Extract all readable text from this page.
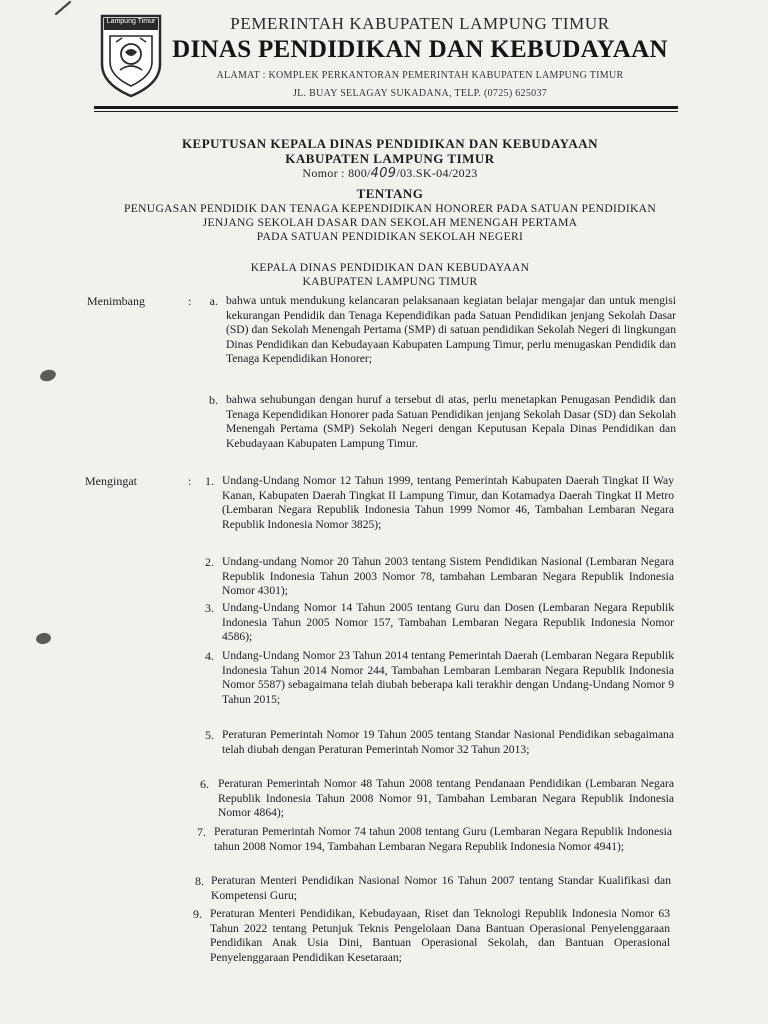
Lampung Timur	PEMERINTAH KABUPATEN LAMPUNG TIMUR
DINAS PENDIDIKAN DAN KEBUDAYAAN
ALAMAT : KOMPLEK PERKANTORAN PEMERINTAH KABUPATEN LAMPUNG TIMUR
JL. BUAY SELAGAY SUKADANA, TELP. (0725) 625037
KEPUTUSAN KEPALA DINAS PENDIDIKAN DAN KEBUDAYAAN
KABUPATEN LAMPUNG TIMUR
Nomor : 800/409/03.SK-04/2023
TENTANG
PENUGASAN PENDIDIK DAN TENAGA KEPENDIDIKAN HONORER PADA SATUAN PENDIDIKAN
JENJANG SEKOLAH DASAR DAN SEKOLAH MENENGAH PERTAMA
PADA SATUAN PENDIDIKAN SEKOLAH NEGERI
KEPALA DINAS PENDIDIKAN DAN KEBUDAYAAN
KABUPATEN LAMPUNG TIMUR
Menimbang	:	a. bahwa untuk mendukung kelancaran pelaksanaan kegiatan belajar mengajar dan untuk mengisi kekurangan Pendidik dan Tenaga Kependidikan pada Satuan Pendidikan jenjang Sekolah Dasar (SD) dan Sekolah Menengah Pertama (SMP) di satuan pendidikan Sekolah Negeri di lingkungan Dinas Pendidikan dan Kebudayaan Kabupaten Lampung Timur, perlu menugaskan Pendidik dan Tenaga Kependidikan Honorer;
b. bahwa sehubungan dengan huruf a tersebut di atas, perlu menetapkan Penugasan Pendidik dan Tenaga Kependidikan Honorer pada Satuan Pendidikan jenjang Sekolah Dasar (SD) dan Sekolah Menengah Pertama (SMP) Sekolah Negeri dengan Keputusan Kepala Dinas Pendidikan dan Kebudayaan Kabupaten Lampung Timur.
Mengingat	:	1. Undang-Undang Nomor 12 Tahun 1999, tentang Pemerintah Kabupaten Daerah Tingkat II Way Kanan, Kabupaten Daerah Tingkat II Lampung Timur, dan Kotamadya Daerah Tingkat II Metro (Lembaran Negara Republik Indonesia Tahun 1999 Nomor 46, Tambahan Lembaran Negara Republik Indonesia Nomor 3825);
2. Undang-undang Nomor 20 Tahun 2003 tentang Sistem Pendidikan Nasional (Lembaran Negara Republik Indonesia Tahun 2003 Nomor 78, tambahan Lembaran Negara Republik Indonesia Nomor 4301);
3. Undang-Undang Nomor 14 Tahun 2005 tentang Guru dan Dosen (Lembaran Negara Republik Indonesia Tahun 2005 Nomor 157, Tambahan Lembaran Negara Republik Indonesia Nomor 4586);
4. Undang-Undang Nomor 23 Tahun 2014 tentang Pemerintah Daerah (Lembaran Negara Republik Indonesia Tahun 2014 Nomor 244, Tambahan Lembaran Lembaran Negara Republik Indonesia Nomor 5587) sebagaimana telah diubah beberapa kali terakhir dengan Undang-Undang Nomor 9 Tahun 2015;
5. Peraturan Pemerintah Nomor 19 Tahun 2005 tentang Standar Nasional Pendidikan sebagaimana telah diubah dengan Peraturan Pemerintah Nomor 32 Tahun 2013;
6. Peraturan Pemerintah Nomor 48 Tahun 2008 tentang Pendanaan Pendidikan (Lembaran Negara Republik Indonesia Tahun 2008 Nomor 91, Tambahan Lembaran Negara Republik Indonesia Nomor 4864);
7. Peraturan Pemerintah Nomor 74 tahun 2008 tentang Guru (Lembaran Negara Republik Indonesia tahun 2008 Nomor 194, Tambahan Lembaran Negara Republik Indonesia Nomor 4941);
8. Peraturan Menteri Pendidikan Nasional Nomor 16 Tahun 2007 tentang Standar Kualifikasi dan Kompetensi Guru;
9. Peraturan Menteri Pendidikan, Kebudayaan, Riset dan Teknologi Republik Indonesia Nomor 63 Tahun 2022 tentang Petunjuk Teknis Pengelolaan Dana Bantuan Operasional Penyelenggaraan Pendidikan Anak Usia Dini, Bantuan Operasional Sekolah, dan Bantuan Operasional Penyelenggaraan Pendidikan Kesetaraan;
